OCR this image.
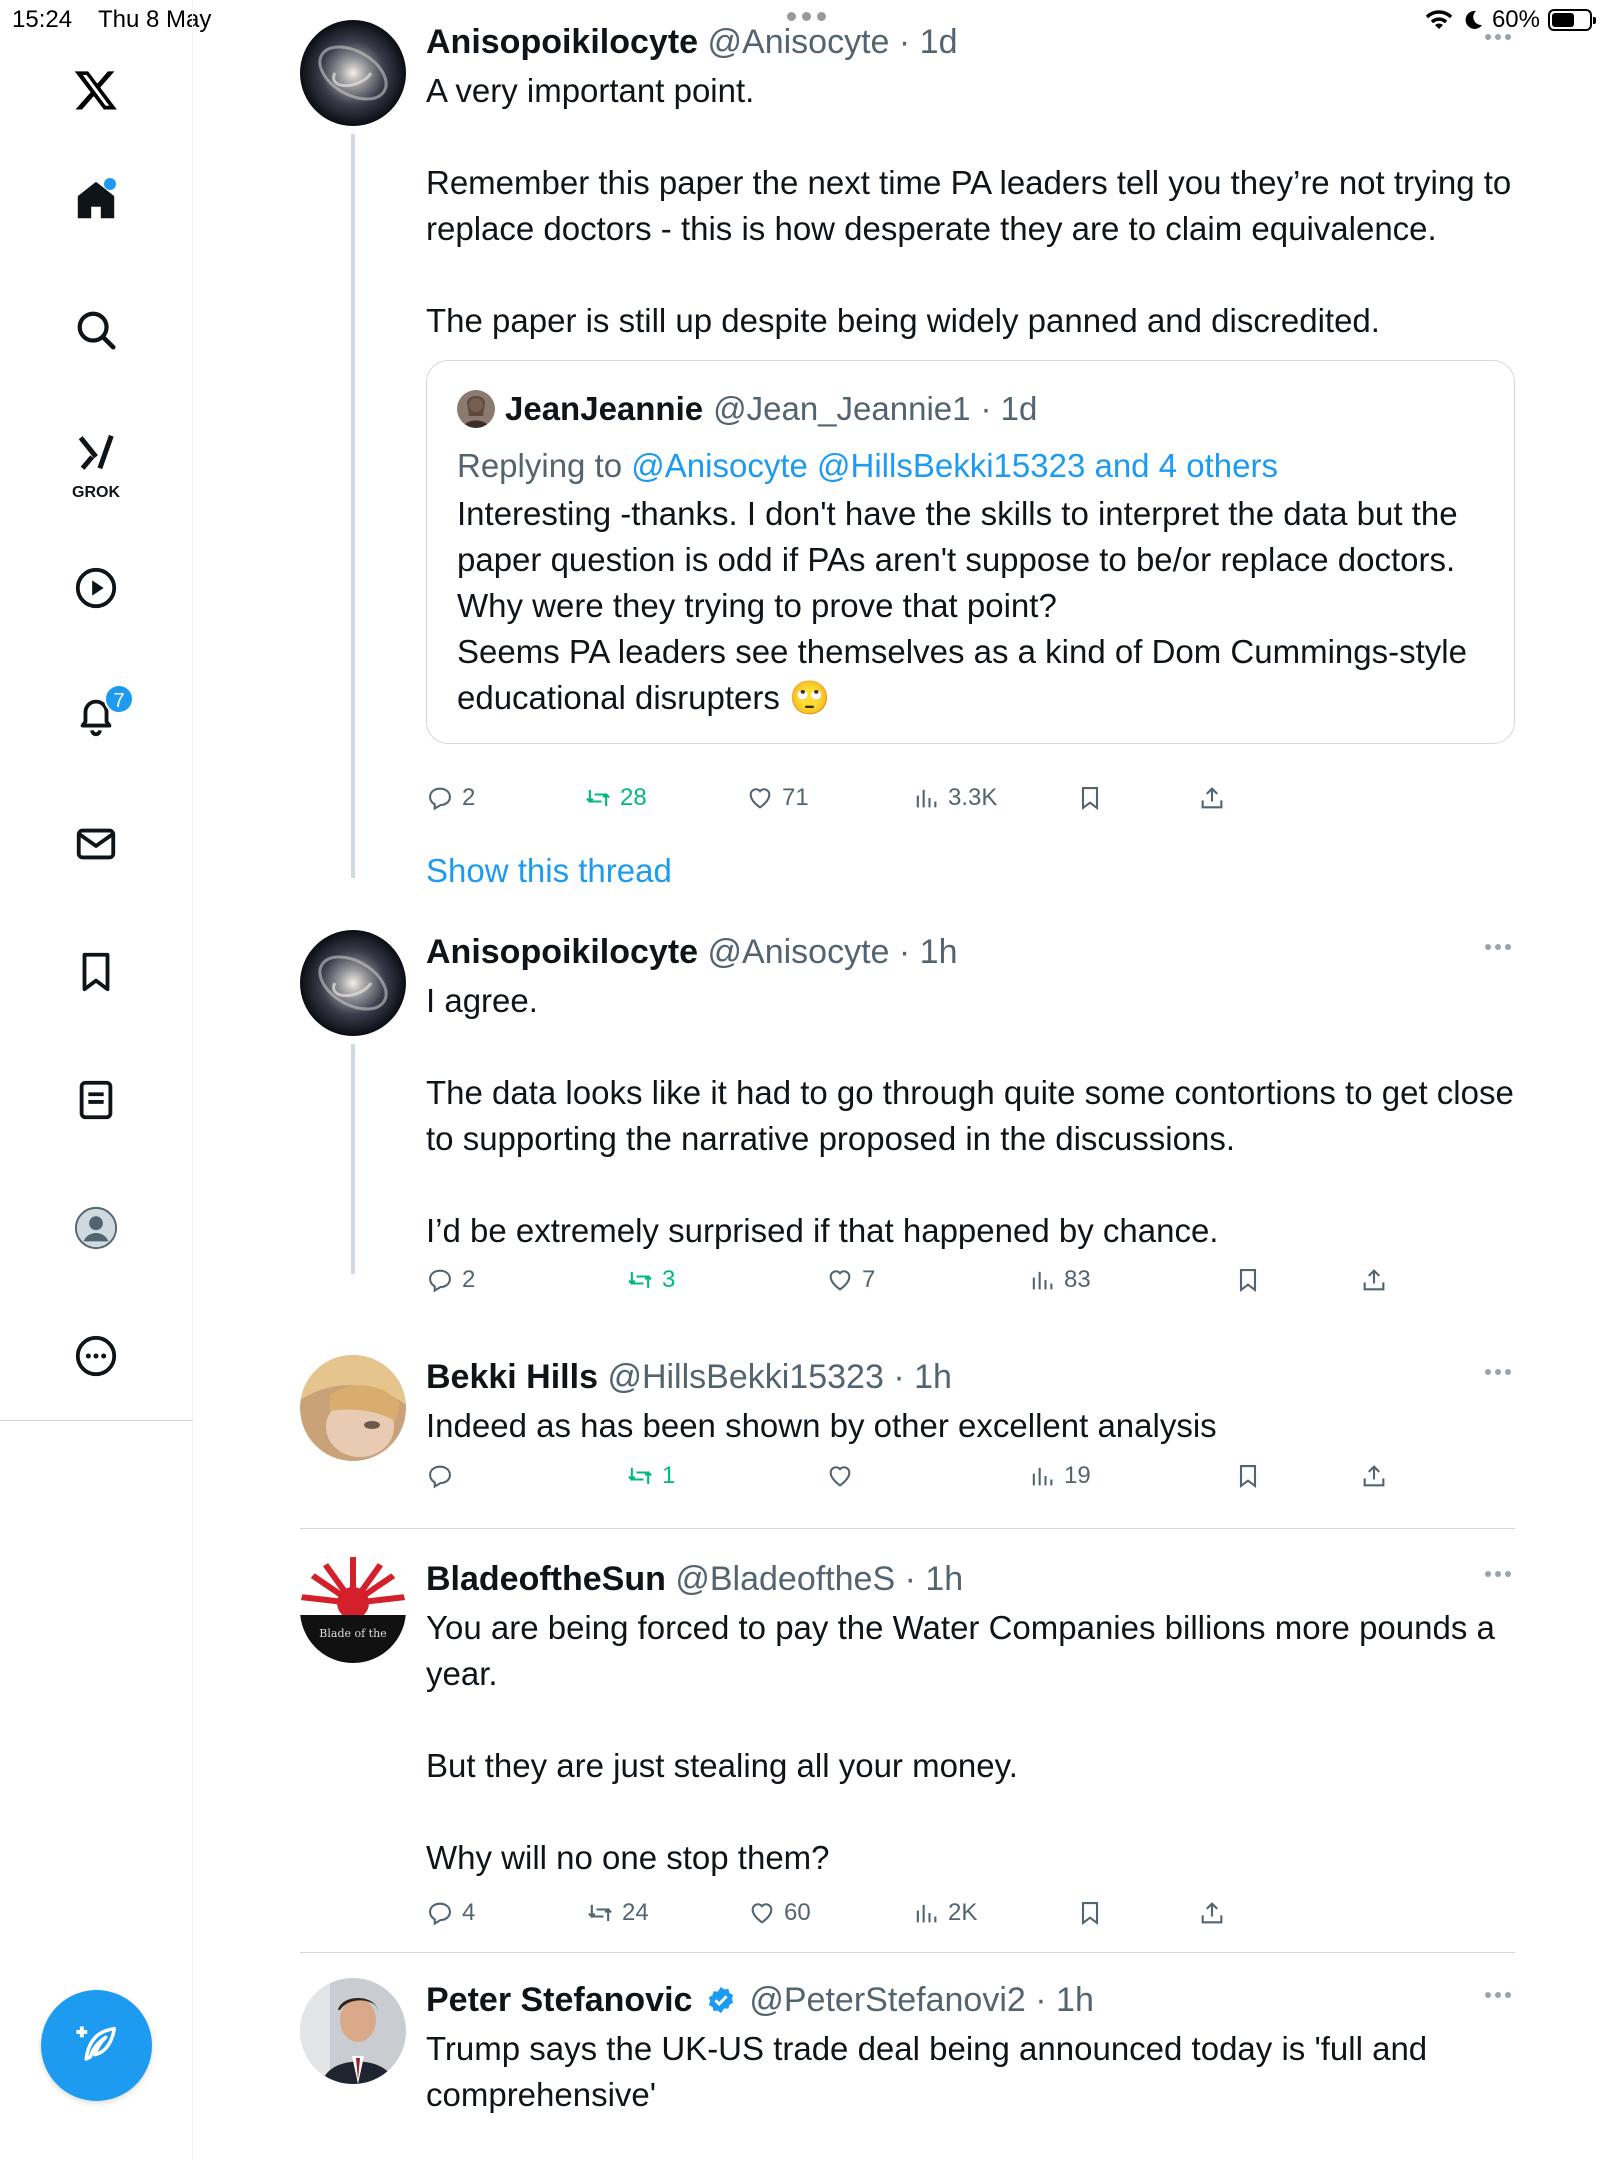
15:24 Thu 8 May	60%
GROK
7
Anisopoikilocyte @Anisocyte · 1d
A very important point.

Remember this paper the next time PA leaders tell you they’re not trying to replace doctors - this is how desperate they are to claim equivalence.

The paper is still up despite being widely panned and discredited.
JeanJeannie @Jean_Jeannie1 · 1d
Replying to @Anisocyte @HillsBekki15323 and 4 others
Interesting -thanks. I don't have the skills to interpret the data but the paper question is odd if PAs aren't suppose to be/or replace doctors. Why were they trying to prove that point?
Seems PA leaders see themselves as a kind of Dom Cummings-style educational disrupters 🙄
2	28	71	3.3K
Show this thread
Anisopoikilocyte @Anisocyte · 1h
I agree.

The data looks like it had to go through quite some contortions to get close to supporting the narrative proposed in the discussions.

I’d be extremely surprised if that happened by chance.
2	3	7	83
Bekki Hills @HillsBekki15323 · 1h
Indeed as has been shown by other excellent analysis
1	19
Blade of the
BladeoftheSun @BladeoftheS · 1h
You are being forced to pay the Water Companies billions more pounds a year.

But they are just stealing all your money.

Why will no one stop them?
4	24	60	2K
Peter Stefanovic @PeterStefanovi2 · 1h
Trump says the UK-US trade deal being announced today is 'full and comprehensive'
